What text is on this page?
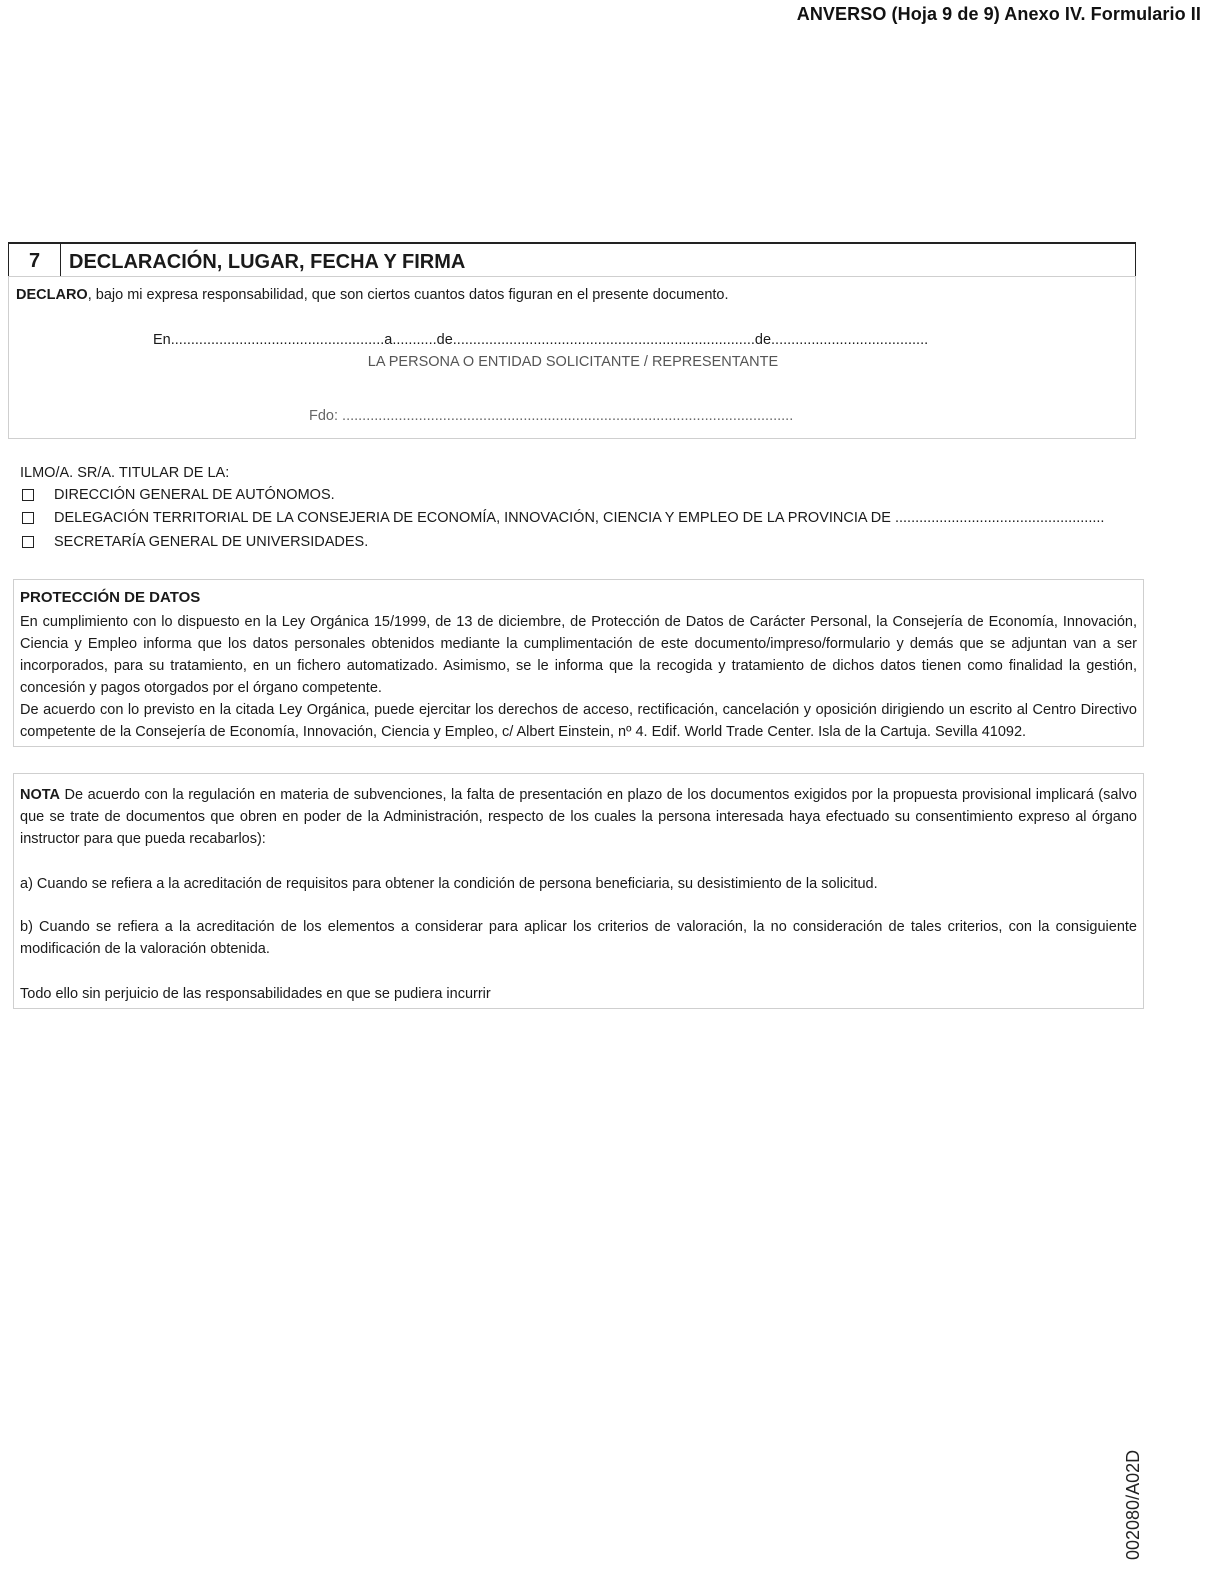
ANVERSO (Hoja 9 de 9) Anexo IV. Formulario II
7	DECLARACIÓN, LUGAR, FECHA Y FIRMA
DECLARO, bajo mi expresa responsabilidad, que son ciertos cuantos datos figuran en el presente documento.
En.....................................................a...........de...........................................................................de.......................................
LA PERSONA O ENTIDAD SOLICITANTE / REPRESENTANTE
Fdo: ................................................................................................................
ILMO/A. SR/A. TITULAR DE LA:
DIRECCIÓN GENERAL DE AUTÓNOMOS.
DELEGACIÓN TERRITORIAL DE LA CONSEJERIA DE ECONOMÍA, INNOVACIÓN, CIENCIA Y EMPLEO DE LA PROVINCIA DE ....................................................
SECRETARÍA GENERAL DE UNIVERSIDADES.
PROTECCIÓN DE DATOS
En cumplimiento con lo dispuesto en la Ley Orgánica 15/1999, de 13 de diciembre, de Protección de Datos de Carácter Personal, la Consejería de Economía, Innovación, Ciencia y Empleo informa que los datos personales obtenidos mediante la cumplimentación de este documento/impreso/formulario y demás que se adjuntan van a ser incorporados, para su tratamiento, en un fichero automatizado. Asimismo, se le informa que la recogida y tratamiento de dichos datos tienen como finalidad la gestión, concesión y pagos otorgados por el órgano competente.
De acuerdo con lo previsto en la citada Ley Orgánica, puede ejercitar los derechos de acceso, rectificación, cancelación y oposición dirigiendo un escrito al Centro Directivo competente de la Consejería de Economía, Innovación, Ciencia y Empleo, c/ Albert Einstein, nº 4. Edif. World Trade Center. Isla de la Cartuja. Sevilla 41092.
NOTA De acuerdo con la regulación en materia de subvenciones, la falta de presentación en plazo de los documentos exigidos por la propuesta provisional implicará (salvo que se trate de documentos que obren en poder de la Administración, respecto de los cuales la persona interesada haya efectuado su consentimiento expreso al órgano instructor para que pueda recabarlos):
a) Cuando se refiera a la acreditación de requisitos para obtener la condición de persona beneficiaria, su desistimiento de la solicitud.
b) Cuando se refiera a la acreditación de los elementos a considerar para aplicar los criterios de valoración, la no consideración de tales criterios, con la consiguiente modificación de la valoración obtenida.
Todo ello sin perjuicio de las responsabilidades en que se pudiera incurrir
002080/A02D
